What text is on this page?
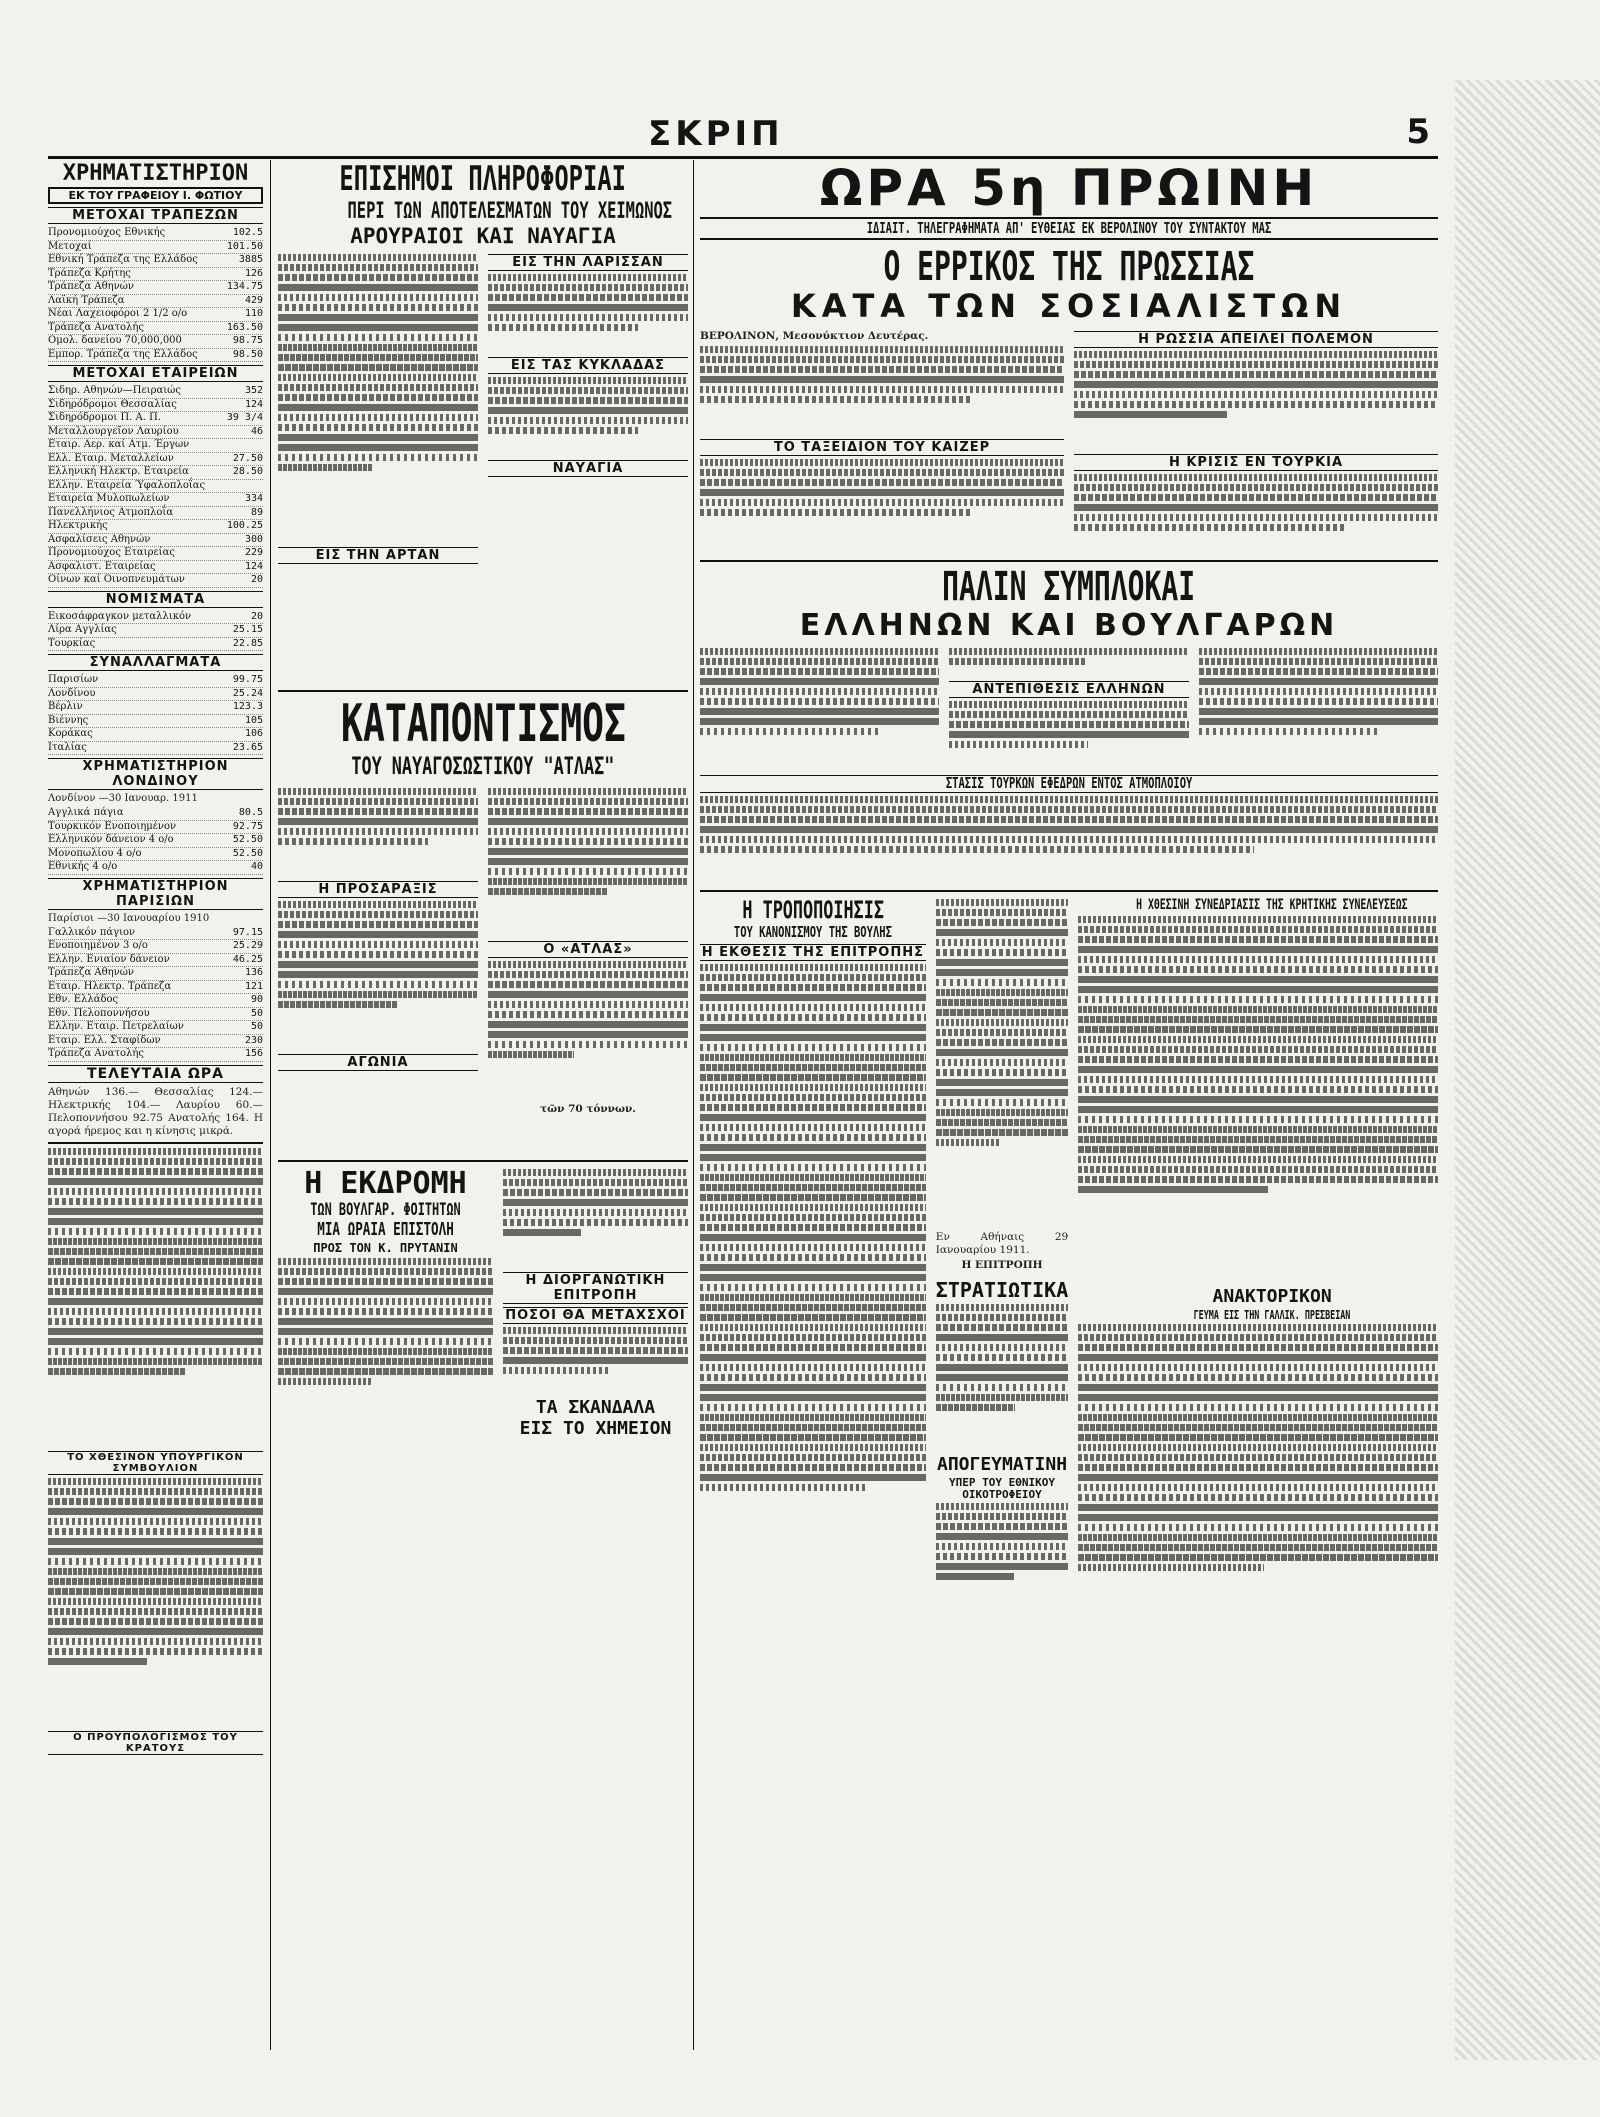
ΣΚΡΙΠ	5
ΧΡΗΜΑΤΙΣΤΗΡΙΟΝ
ΕΚ ΤΟΥ ΓΡΑΦΕΙΟΥ Ι. ΦΩΤΙΟΥ
ΜΕΤΟΧΑΙ ΤΡΑΠΕΖΩΝ
Προνομιούχος Εθνικής	102.5
Μετοχαί	101.50
Εθνική Τράπεζα της Ελλάδος	3885
Τράπεζα Κρήτης	126
Τράπεζα Αθηνών	134.75
Λαϊκή Τράπεζα	429
Νέαι Λαχειοφόροι 2 1/2 ο/ο	110
Τράπεζα Ανατολής	163.50
Ομολ. δανείου 70,000,000	98.75
Εμπορ. Τράπεζα της Ελλάδος	98.50
ΜΕΤΟΧΑΙ ΕΤΑΙΡΕΙΩΝ
Σιδηρ. Αθηνών—Πειραιώς	352
Σιδηρόδρομοι Θεσσαλίας	124
Σιδηρόδρομοι Π. Α. Π.	39 3/4
Μεταλλουργεῖον Λαυρίου	46
Εταιρ. Αερ. καί Ατμ. Έργων
Ελλ. Εταιρ. Μεταλλείων	27.50
Ελληνική Ηλεκτρ. Εταιρεία	28.50
Ελλην. Εταιρεία Ύφαλοπλοΐας
Εταιρεία Μυλοπωλείων	334
Πανελλήνιος Ατμοπλοΐα	89
Ηλεκτρικής	100.25
Ασφαλίσεις Αθηνών	300
Προνομιούχος Εταιρείας	229
Ασφαλιστ. Εταιρείας	124
Οίνων καί Οινοπνευμάτων	20
ΝΟΜΙΣΜΑΤΑ
Εικοσάφραγκον μεταλλικόν	20
Λίρα Αγγλίας	25.15
Τουρκίας	22.85
ΣΥΝΑΛΛΑΓΜΑΤΑ
Παρισίων	99.75
Λονδίνου	25.24
Βέρλιν	123.3
Βιέννης	105
Κοράκας	106
Ιταλίας	23.65
ΧΡΗΜΑΤΙΣΤΗΡΙΟΝ ΛΟΝΔΙΝΟΥ
Λονδίνον —30 Ιανουαρ. 1911
Αγγλικά πάγια	80.5
Τουρκικόν Ενοποιημένον	92.75
Ελληνικόν δάνειον 4 ο/ο	52.50
Μονοπωλίου 4 ο/ο	52.50
Εθνικής 4 ο/ο	40
ΧΡΗΜΑΤΙΣΤΗΡΙΟΝ ΠΑΡΙΣΙΩΝ
Παρίσιοι —30 Ιανουαρίου 1910
Γαλλικόν πάγιον	97.15
Ενοποιημένον 3 ο/ο	25.29
Ελλην. Ενιαίον δάνειον	46.25
Τράπεζα Αθηνών	136
Εταιρ. Ηλεκτρ. Τράπεζα	121
Εθν. Ελλάδος	90
Εθν. Πελοποννήσου	50
Ελλην. Εταιρ. Πετρελαίων	50
Εταιρ. Ελλ. Σταφίδων	230
Τράπεζα Ανατολής	156
ΤΕΛΕΥΤΑΙΑ ΩΡΑ
Αθηνών 136.— Θεσσαλίας 124.— Ηλεκτρικής 104.— Λαυρίου 60.— Πελοποννήσου 92.75 Ανατολής 164. Η αγορά ήρεμος και η κίνησις μικρά.
ΤΟ ΧΘΕΣΙΝΟΝ ΥΠΟΥΡΓΙΚΟΝ ΣΥΜΒΟΥΛΙΟΝ
Ο ΠΡΟΫΠΟΛΟΓΙΣΜΟΣ ΤΟΥ ΚΡΑΤΟΥΣ
ΕΠΙΣΗΜΟΙ ΠΛΗΡΟΦΟΡΙΑΙ
ΠΕΡΙ ΤΩΝ ΑΠΟΤΕΛΕΣΜΑΤΩΝ ΤΟΥ ΧΕΙΜΩΝΟΣ
ΑΡΟΥΡΑΙΟΙ ΚΑΙ ΝΑΥΑΓΙΑ
ΕΙΣ ΤΗΝ ΑΡΤΑΝ
ΕΙΣ ΤΗΝ ΛΑΡΙΣΣΑΝ
ΕΙΣ ΤΑΣ ΚΥΚΛΑΔΑΣ
ΝΑΥΑΓΙΑ
ΚΑΤΑΠΟΝΤΙΣΜΟΣ
ΤΟΥ ΝΑΥΑΓΟΣΩΣΤΙΚΟΥ "ΑΤΛΑΣ"
Η ΠΡΟΣΑΡΑΞΙΣ
ΑΓΩΝΙΑ
Ο «ΑΤΛΑΣ»
τῶν 70 τόννων.
Η ΕΚΔΡΟΜΗ
ΤΩΝ ΒΟΥΛΓΑΡ. ΦΟΙΤΗΤΩΝ
ΜΙΑ ΩΡΑΙΑ ΕΠΙΣΤΟΛΗ
ΠΡΟΣ ΤΟΝ Κ. ΠΡΥΤΑΝΙΝ
Η ΔΙΟΡΓΑΝΩΤΙΚΗ ΕΠΙΤΡΟΠΗ
ΠΟΣΟΙ ΘΑ ΜΕΤΑΧΣΧΟΙ
ΤΑ ΣΚΑΝΔΑΛΑ
ΕΙΣ ΤΟ ΧΗΜΕΙΟΝ
ΩΡΑ 5η ΠΡΩΙΝΗ
ΙΔΙΑΙΤ. ΤΗΛΕΓΡΑΦΗΜΑΤΑ ΑΠ' ΕΥΘΕΙΑΣ ΕΚ ΒΕΡΟΛΙΝΟΥ ΤΟΥ ΣΥΝΤΑΚΤΟΥ ΜΑΣ
Ο ΕΡΡΙΚΟΣ ΤΗΣ ΠΡΩΣΣΙΑΣ
ΚΑΤΑ ΤΩΝ ΣΟΣΙΑΛΙΣΤΩΝ
ΒΕΡΟΛΙΝΟΝ, Μεσονύκτιον Δευτέρας.
ΤΟ ΤΑΞΕΙΔΙΟΝ ΤΟΥ ΚΑΙΖΕΡ
Η ΡΩΣΣΙΑ ΑΠΕΙΛΕΙ ΠΟΛΕΜΟΝ
Η ΚΡΙΣΙΣ ΕΝ ΤΟΥΡΚΙΑ
ΠΑΛΙΝ ΣΥΜΠΛΟΚΑΙ
ΕΛΛΗΝΩΝ ΚΑΙ ΒΟΥΛΓΑΡΩΝ
ΑΝΤΕΠΙΘΕΣΙΣ ΕΛΛΗΝΩΝ
ΣΤΑΣΙΣ ΤΟΥΡΚΩΝ ΕΦΕΔΡΩΝ ΕΝΤΟΣ ΑΤΜΟΠΛΟΙΟΥ
Η ΤΡΟΠΟΠΟΙΗΣΙΣ
ΤΟΥ ΚΑΝΟΝΙΣΜΟΥ ΤΗΣ ΒΟΥΛΗΣ
Η ΕΚΘΕΣΙΣ ΤΗΣ ΕΠΙΤΡΟΠΗΣ
Εν Αθήναις 29 Ιανουαρίου 1911.
Η ΕΠΙΤΡΟΠΗ
ΣΤΡΑΤΙΩΤΙΚΑ
ΑΠΟΓΕΥΜΑΤΙΝΗ
ΥΠΕΡ ΤΟΥ ΕΘΝΙΚΟΥ ΟΙΚΟΤΡΟΦΕΙΟΥ
Η ΧΘΕΣΙΝΗ ΣΥΝΕΔΡΙΑΣΙΣ ΤΗΣ ΚΡΗΤΙΚΗΣ ΣΥΝΕΛΕΥΣΕΩΣ
ΑΝΑΚΤΟΡΙΚΟΝ
ΓΕΥΜΑ ΕΙΣ ΤΗΝ ΓΑΛΛΙΚ. ΠΡΕΣΒΕΙΑΝ
